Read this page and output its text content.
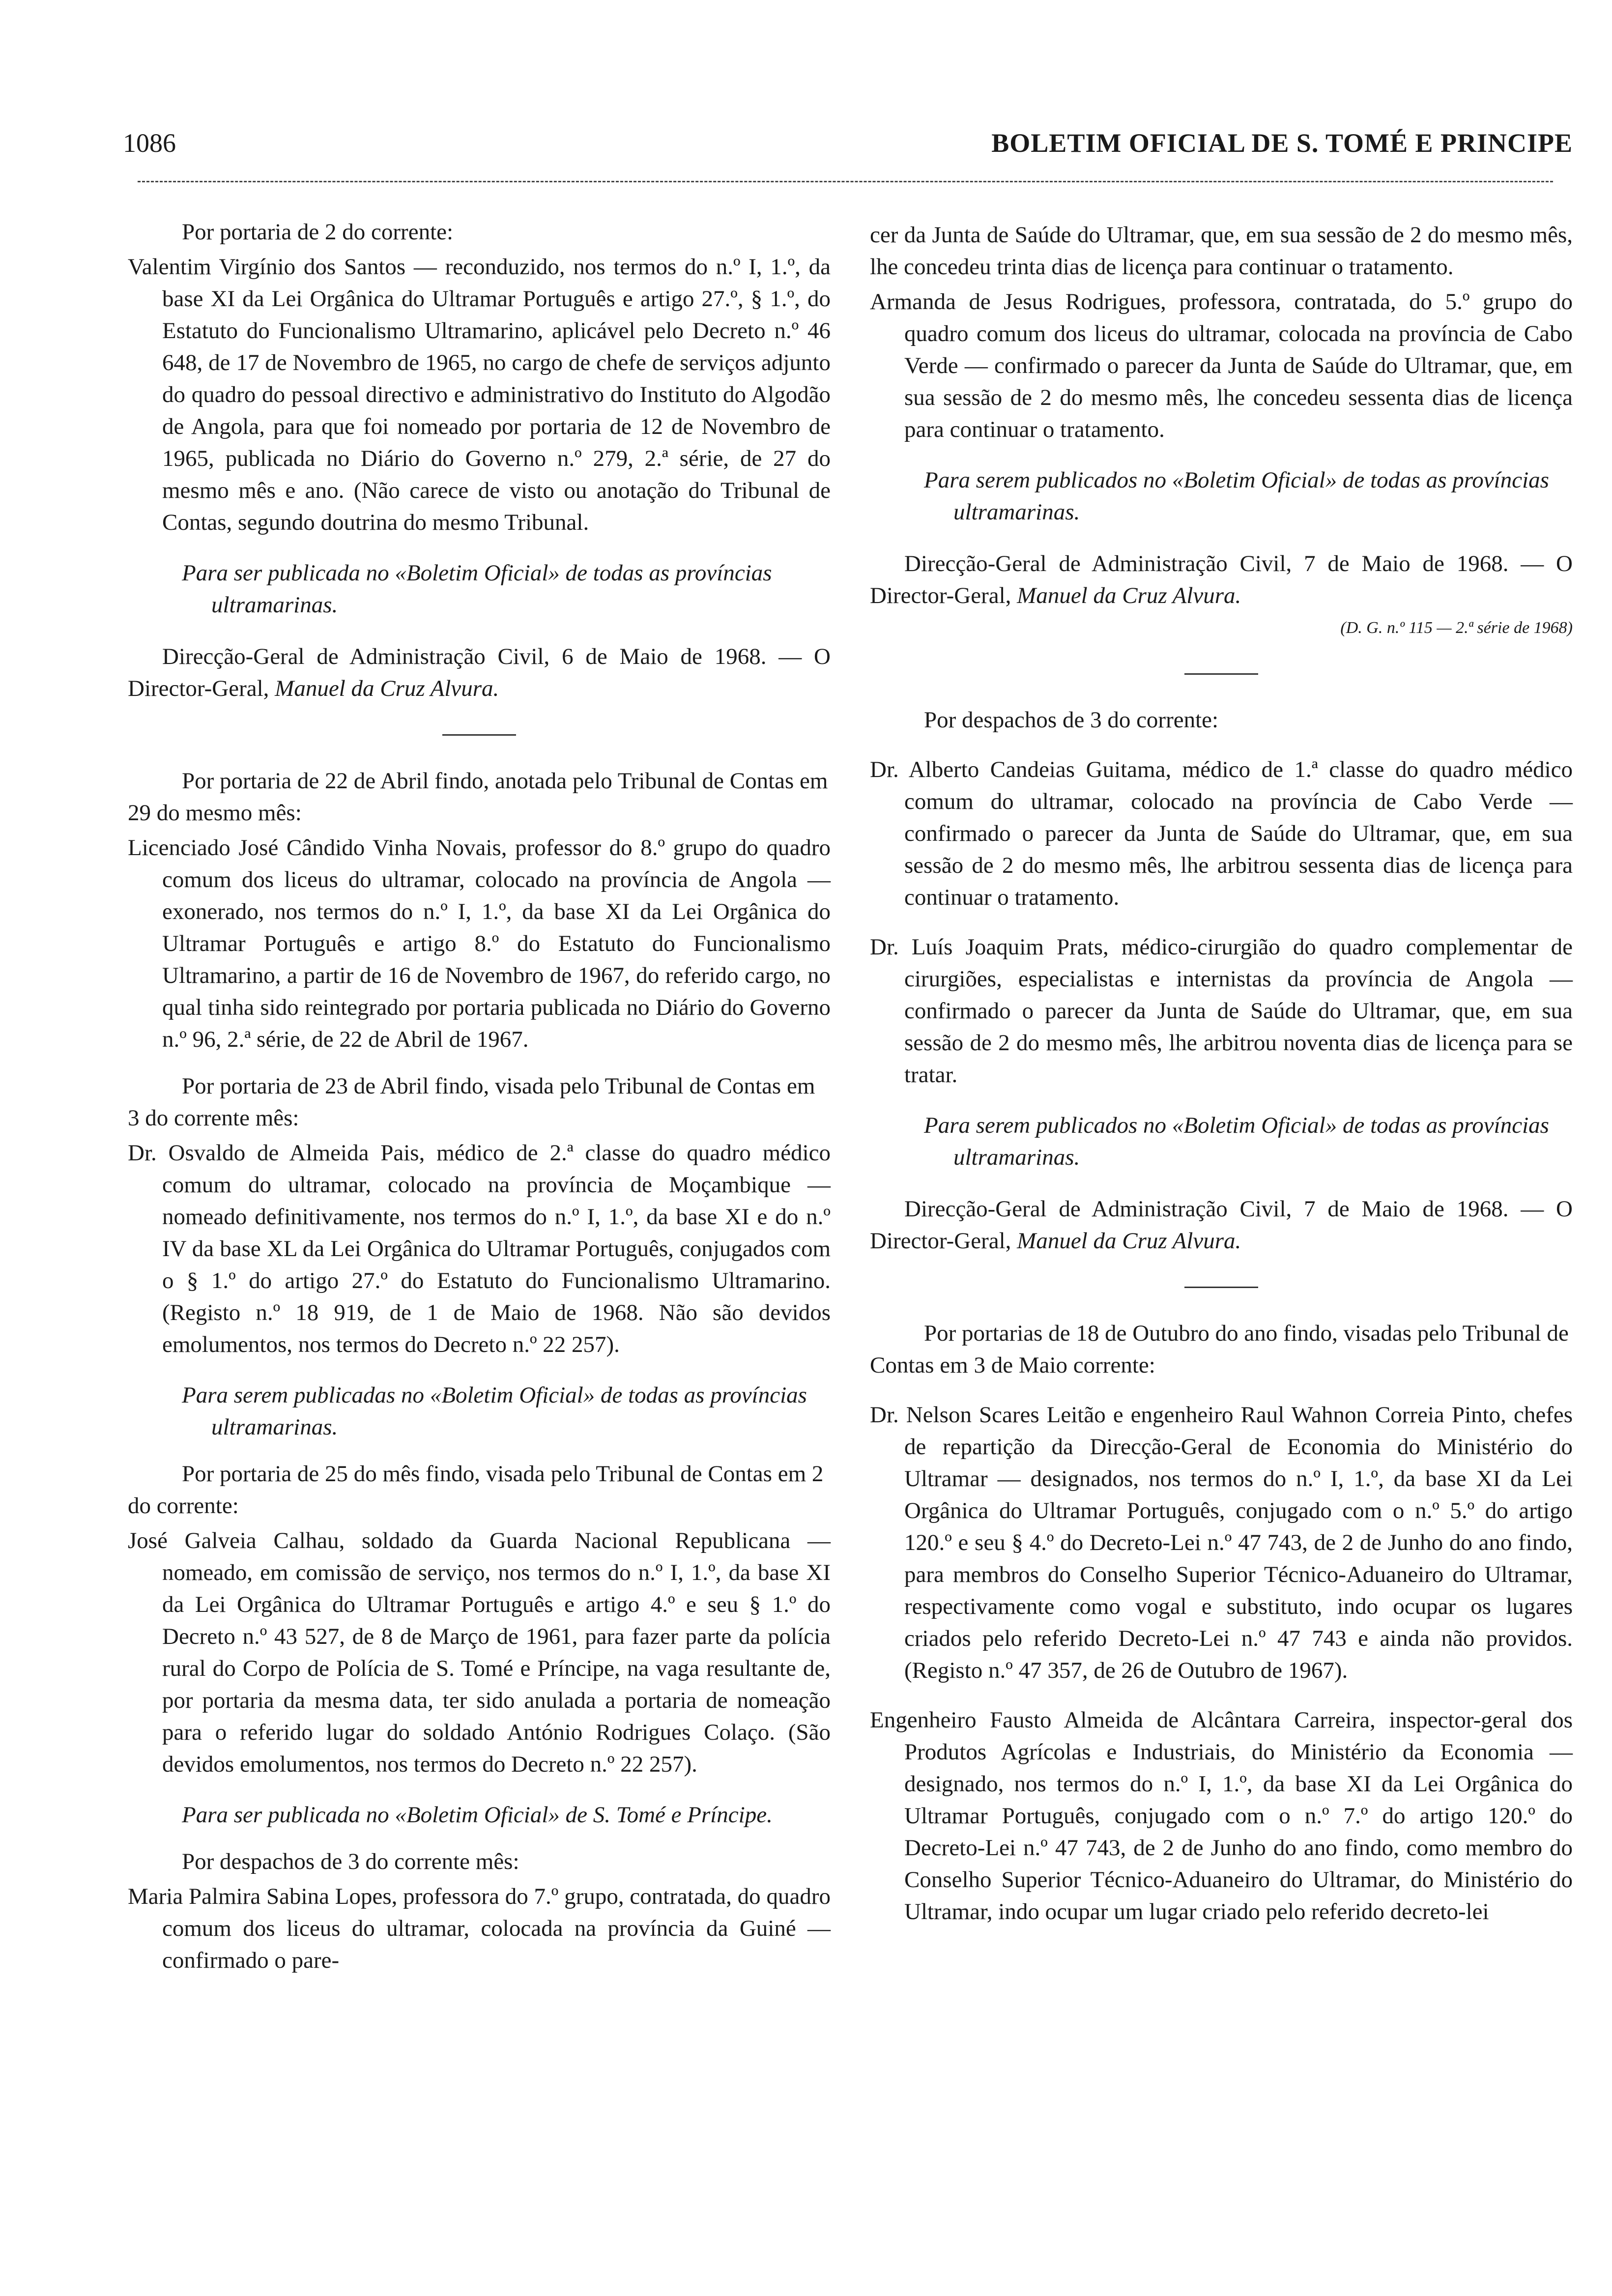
1086	BOLETIM OFICIAL DE S. TOMÉ E PRINCIPE

Por portaria de 2 do corrente:

Valentim Virgínio dos Santos — reconduzido, nos termos do n.º I, 1.º, da base XI da Lei Orgânica do Ultramar Português e artigo 27.º, § 1.º, do Estatuto do Funcionalismo Ultramarino, aplicável pelo Decreto n.º 46 648, de 17 de Novembro de 1965, no cargo de chefe de serviços adjunto do quadro do pessoal directivo e administrativo do Instituto do Algodão de Angola, para que foi nomeado por portaria de 12 de Novembro de 1965, publicada no Diário do Governo n.º 279, 2.ª série, de 27 do mesmo mês e ano. (Não carece de visto ou anotação do Tribunal de Contas, segundo doutrina do mesmo Tribunal.

Para ser publicada no «Boletim Oficial» de todas as províncias ultramarinas.

Direcção-Geral de Administração Civil, 6 de Maio de 1968. — O Director-Geral, Manuel da Cruz Alvura.

Por portaria de 22 de Abril findo, anotada pelo Tribunal de Contas em 29 do mesmo mês:

Licenciado José Cândido Vinha Novais, professor do 8.º grupo do quadro comum dos liceus do ultramar, colocado na província de Angola — exonerado, nos termos do n.º I, 1.º, da base XI da Lei Orgânica do Ultramar Português e artigo 8.º do Estatuto do Funcionalismo Ultramarino, a partir de 16 de Novembro de 1967, do referido cargo, no qual tinha sido reintegrado por portaria publicada no Diário do Governo n.º 96, 2.ª série, de 22 de Abril de 1967.

Por portaria de 23 de Abril findo, visada pelo Tribunal de Contas em 3 do corrente mês:

Dr. Osvaldo de Almeida Pais, médico de 2.ª classe do quadro médico comum do ultramar, colocado na província de Moçambique — nomeado definitivamente, nos termos do n.º I, 1.º, da base XI e do n.º IV da base XL da Lei Orgânica do Ultramar Português, conjugados com o § 1.º do artigo 27.º do Estatuto do Funcionalismo Ultramarino. (Registo n.º 18 919, de 1 de Maio de 1968. Não são devidos emolumentos, nos termos do Decreto n.º 22 257).

Para serem publicadas no «Boletim Oficial» de todas as províncias ultramarinas.

Por portaria de 25 do mês findo, visada pelo Tribunal de Contas em 2 do corrente:

José Galveia Calhau, soldado da Guarda Nacional Republicana — nomeado, em comissão de serviço, nos termos do n.º I, 1.º, da base XI da Lei Orgânica do Ultramar Português e artigo 4.º e seu § 1.º do Decreto n.º 43 527, de 8 de Março de 1961, para fazer parte da polícia rural do Corpo de Polícia de S. Tomé e Príncipe, na vaga resultante de, por portaria da mesma data, ter sido anulada a portaria de nomeação para o referido lugar do soldado António Rodrigues Colaço. (São devidos emolumentos, nos termos do Decreto n.º 22 257).

Para ser publicada no «Boletim Oficial» de S. Tomé e Príncipe.

Por despachos de 3 do corrente mês:

Maria Palmira Sabina Lopes, professora do 7.º grupo, contratada, do quadro comum dos liceus do ultramar, colocada na província da Guiné — confirmado o pare-

cer da Junta de Saúde do Ultramar, que, em sua sessão de 2 do mesmo mês, lhe concedeu trinta dias de licença para continuar o tratamento.

Armanda de Jesus Rodrigues, professora, contratada, do 5.º grupo do quadro comum dos liceus do ultramar, colocada na província de Cabo Verde — confirmado o parecer da Junta de Saúde do Ultramar, que, em sua sessão de 2 do mesmo mês, lhe concedeu sessenta dias de licença para continuar o tratamento.

Para serem publicados no «Boletim Oficial» de todas as províncias ultramarinas.

Direcção-Geral de Administração Civil, 7 de Maio de 1968. — O Director-Geral, Manuel da Cruz Alvura.

(D. G. n.º 115 — 2.ª série de 1968)

Por despachos de 3 do corrente:

Dr. Alberto Candeias Guitama, médico de 1.ª classe do quadro médico comum do ultramar, colocado na província de Cabo Verde — confirmado o parecer da Junta de Saúde do Ultramar, que, em sua sessão de 2 do mesmo mês, lhe arbitrou sessenta dias de licença para continuar o tratamento.

Dr. Luís Joaquim Prats, médico-cirurgião do quadro complementar de cirurgiões, especialistas e internistas da província de Angola — confirmado o parecer da Junta de Saúde do Ultramar, que, em sua sessão de 2 do mesmo mês, lhe arbitrou noventa dias de licença para se tratar.

Para serem publicados no «Boletim Oficial» de todas as províncias ultramarinas.

Direcção-Geral de Administração Civil, 7 de Maio de 1968. — O Director-Geral, Manuel da Cruz Alvura.

Por portarias de 18 de Outubro do ano findo, visadas pelo Tribunal de Contas em 3 de Maio corrente:

Dr. Nelson Scares Leitão e engenheiro Raul Wahnon Correia Pinto, chefes de repartição da Direcção-Geral de Economia do Ministério do Ultramar — designados, nos termos do n.º I, 1.º, da base XI da Lei Orgânica do Ultramar Português, conjugado com o n.º 5.º do artigo 120.º e seu § 4.º do Decreto-Lei n.º 47 743, de 2 de Junho do ano findo, para membros do Conselho Superior Técnico-Aduaneiro do Ultramar, respectivamente como vogal e substituto, indo ocupar os lugares criados pelo referido Decreto-Lei n.º 47 743 e ainda não providos. (Registo n.º 47 357, de 26 de Outubro de 1967).

Engenheiro Fausto Almeida de Alcântara Carreira, inspector-geral dos Produtos Agrícolas e Industriais, do Ministério da Economia — designado, nos termos do n.º I, 1.º, da base XI da Lei Orgânica do Ultramar Português, conjugado com o n.º 7.º do artigo 120.º do Decreto-Lei n.º 47 743, de 2 de Junho do ano findo, como membro do Conselho Superior Técnico-Aduaneiro do Ultramar, do Ministério do Ultramar, indo ocupar um lugar criado pelo referido decreto-lei
